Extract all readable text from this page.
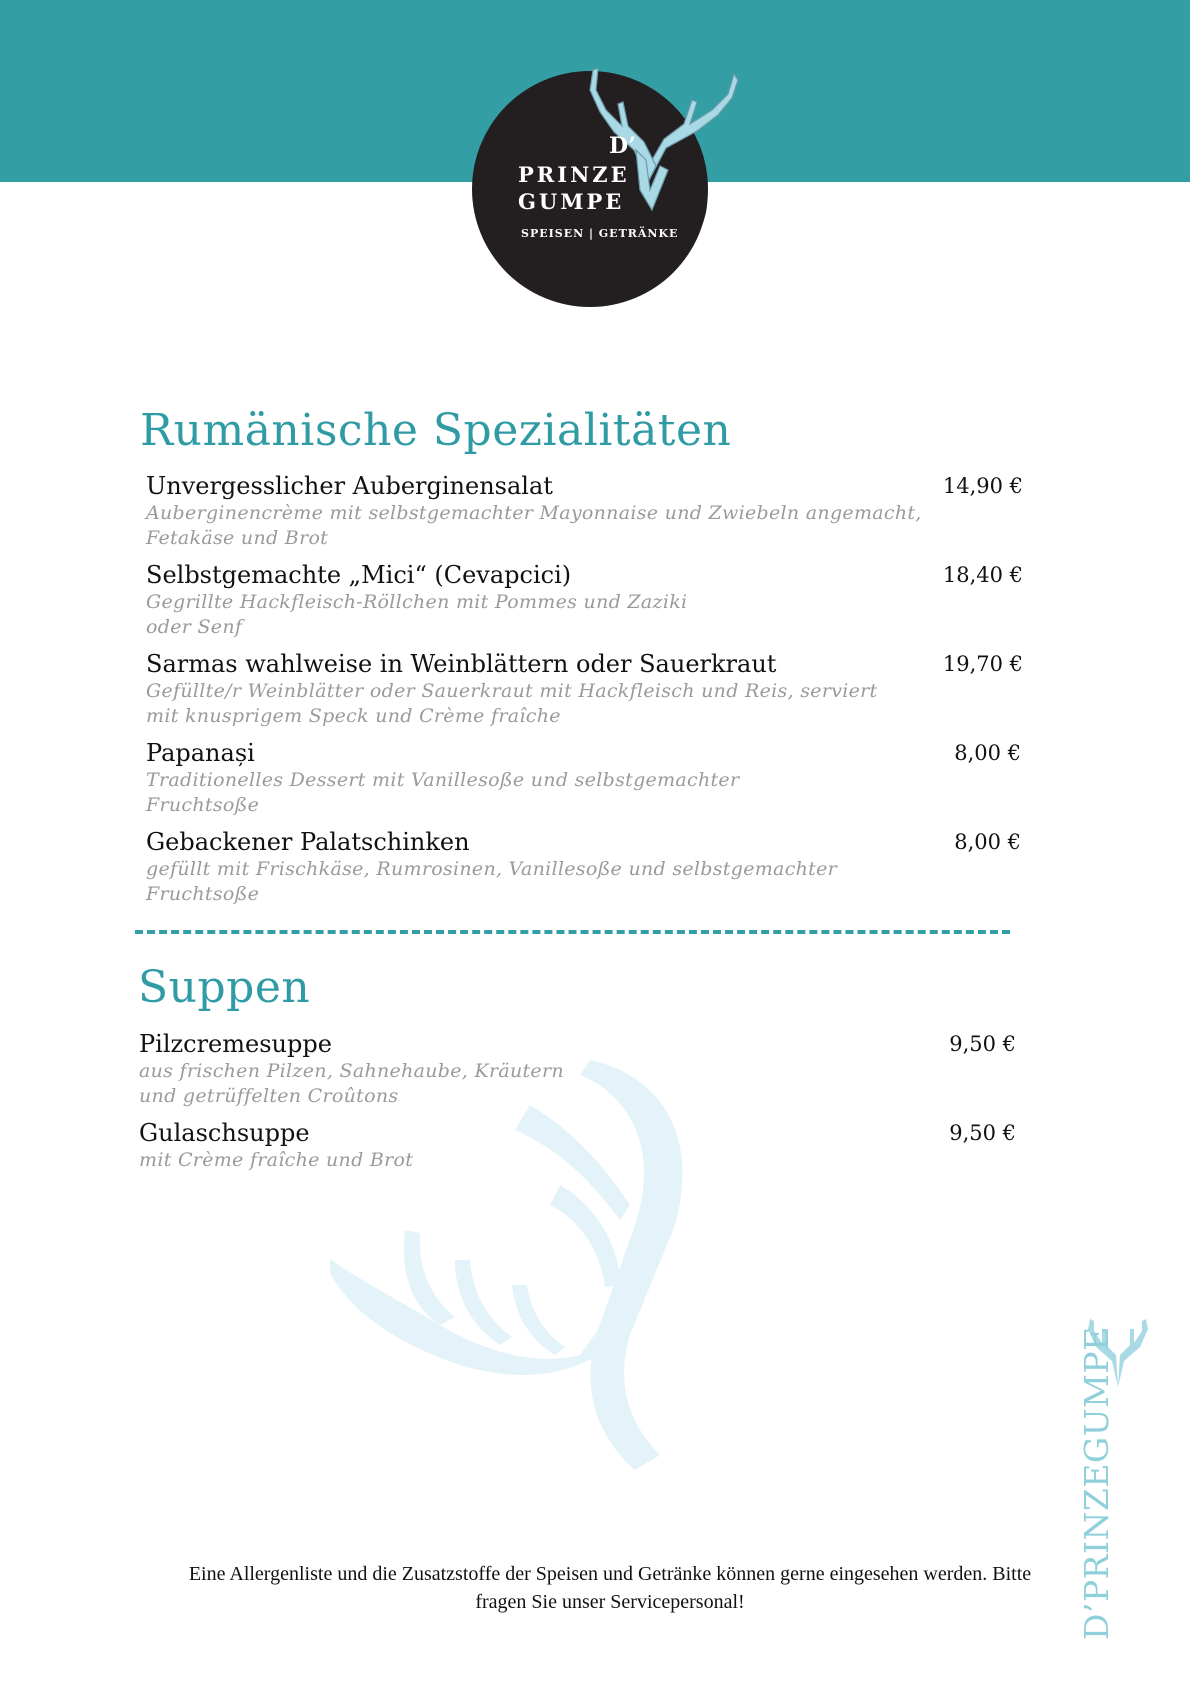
D’
PRINZE
GUMPE
SPEISEN | GETRÄNKE
D’PRINZEGUMPE
Rumänische Spezialitäten
Unvergesslicher Auberginensalat
Auberginencrème mit selbstgemachter Mayonnaise und Zwiebeln angemacht,
Fetakäse und Brot
14,90 €
Selbstgemachte „Mici“ (Cevapcici)
Gegrillte Hackfleisch-Röllchen mit Pommes und Zaziki
oder Senf
18,40 €
Sarmas wahlweise in Weinblättern oder Sauerkraut
Gefüllte/r Weinblätter oder Sauerkraut mit Hackfleisch und Reis, serviert
mit knusprigem Speck und Crème fraîche
19,70 €
Papanași
Traditionelles Dessert mit Vanillesoße und selbstgemachter
Fruchtsoße
8,00 €
Gebackener Palatschinken
gefüllt mit Frischkäse, Rumrosinen, Vanillesoße und selbstgemachter
Fruchtsoße
8,00 €
Suppen
Pilzcremesuppe
aus frischen Pilzen, Sahnehaube, Kräutern
und getrüffelten Croûtons
9,50 €
Gulaschsuppe
mit Crème fraîche und Brot
9,50 €
Eine Allergenliste und die Zusatzstoffe der Speisen und Getränke können gerne eingesehen werden. Bitte
fragen Sie unser Servicepersonal!
